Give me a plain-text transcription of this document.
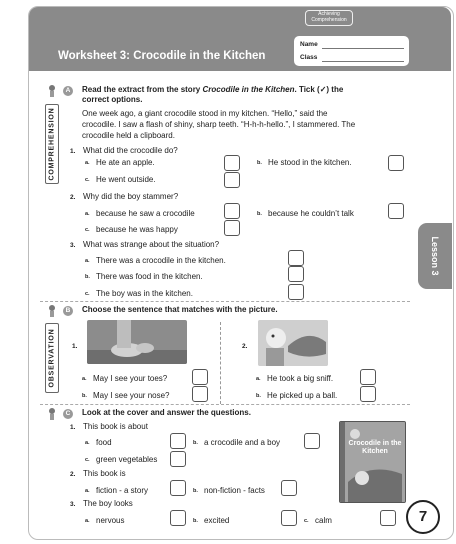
Achieving Comprehension
Worksheet 3: Crocodile in the Kitchen
Name
Class
Lesson 3
A	Read the extract from the story Crocodile in the Kitchen. Tick (✓) the
correct options.
COMPREHENSION	One week ago, a giant crocodile stood in my kitchen. “Hello,” said the
crocodile. I saw a flash of shiny, sharp teeth. “H-h-h-hello.”, I stammered. The
crocodile held a clipboard.
1. What did the crocodile do?
a. He ate an apple.	b. He stood in the kitchen.
c. He went outside.
2. Why did the boy stammer?
a. because he saw a crocodile	b. because he couldn’t talk
c. because he was happy
3. What was strange about the situation?
a. There was a crocodile in the kitchen.
b. There was food in the kitchen.
c. The boy was in the kitchen.
B	Choose the sentence that matches with the picture.
OBSERVATION	1.	2.
a. May I see your toes?
b. May I see your nose?
a. He took a big sniff.
b. He picked up a ball.
C	Look at the cover and answer the questions.
1. This book is about
a. food	b. a crocodile and a boy
c. green vegetables
2. This book is
a. fiction - a story	b. non-fiction - facts
3. The boy looks
a. nervous	b. excited	c. calm
Crocodile in the Kitchen
7
